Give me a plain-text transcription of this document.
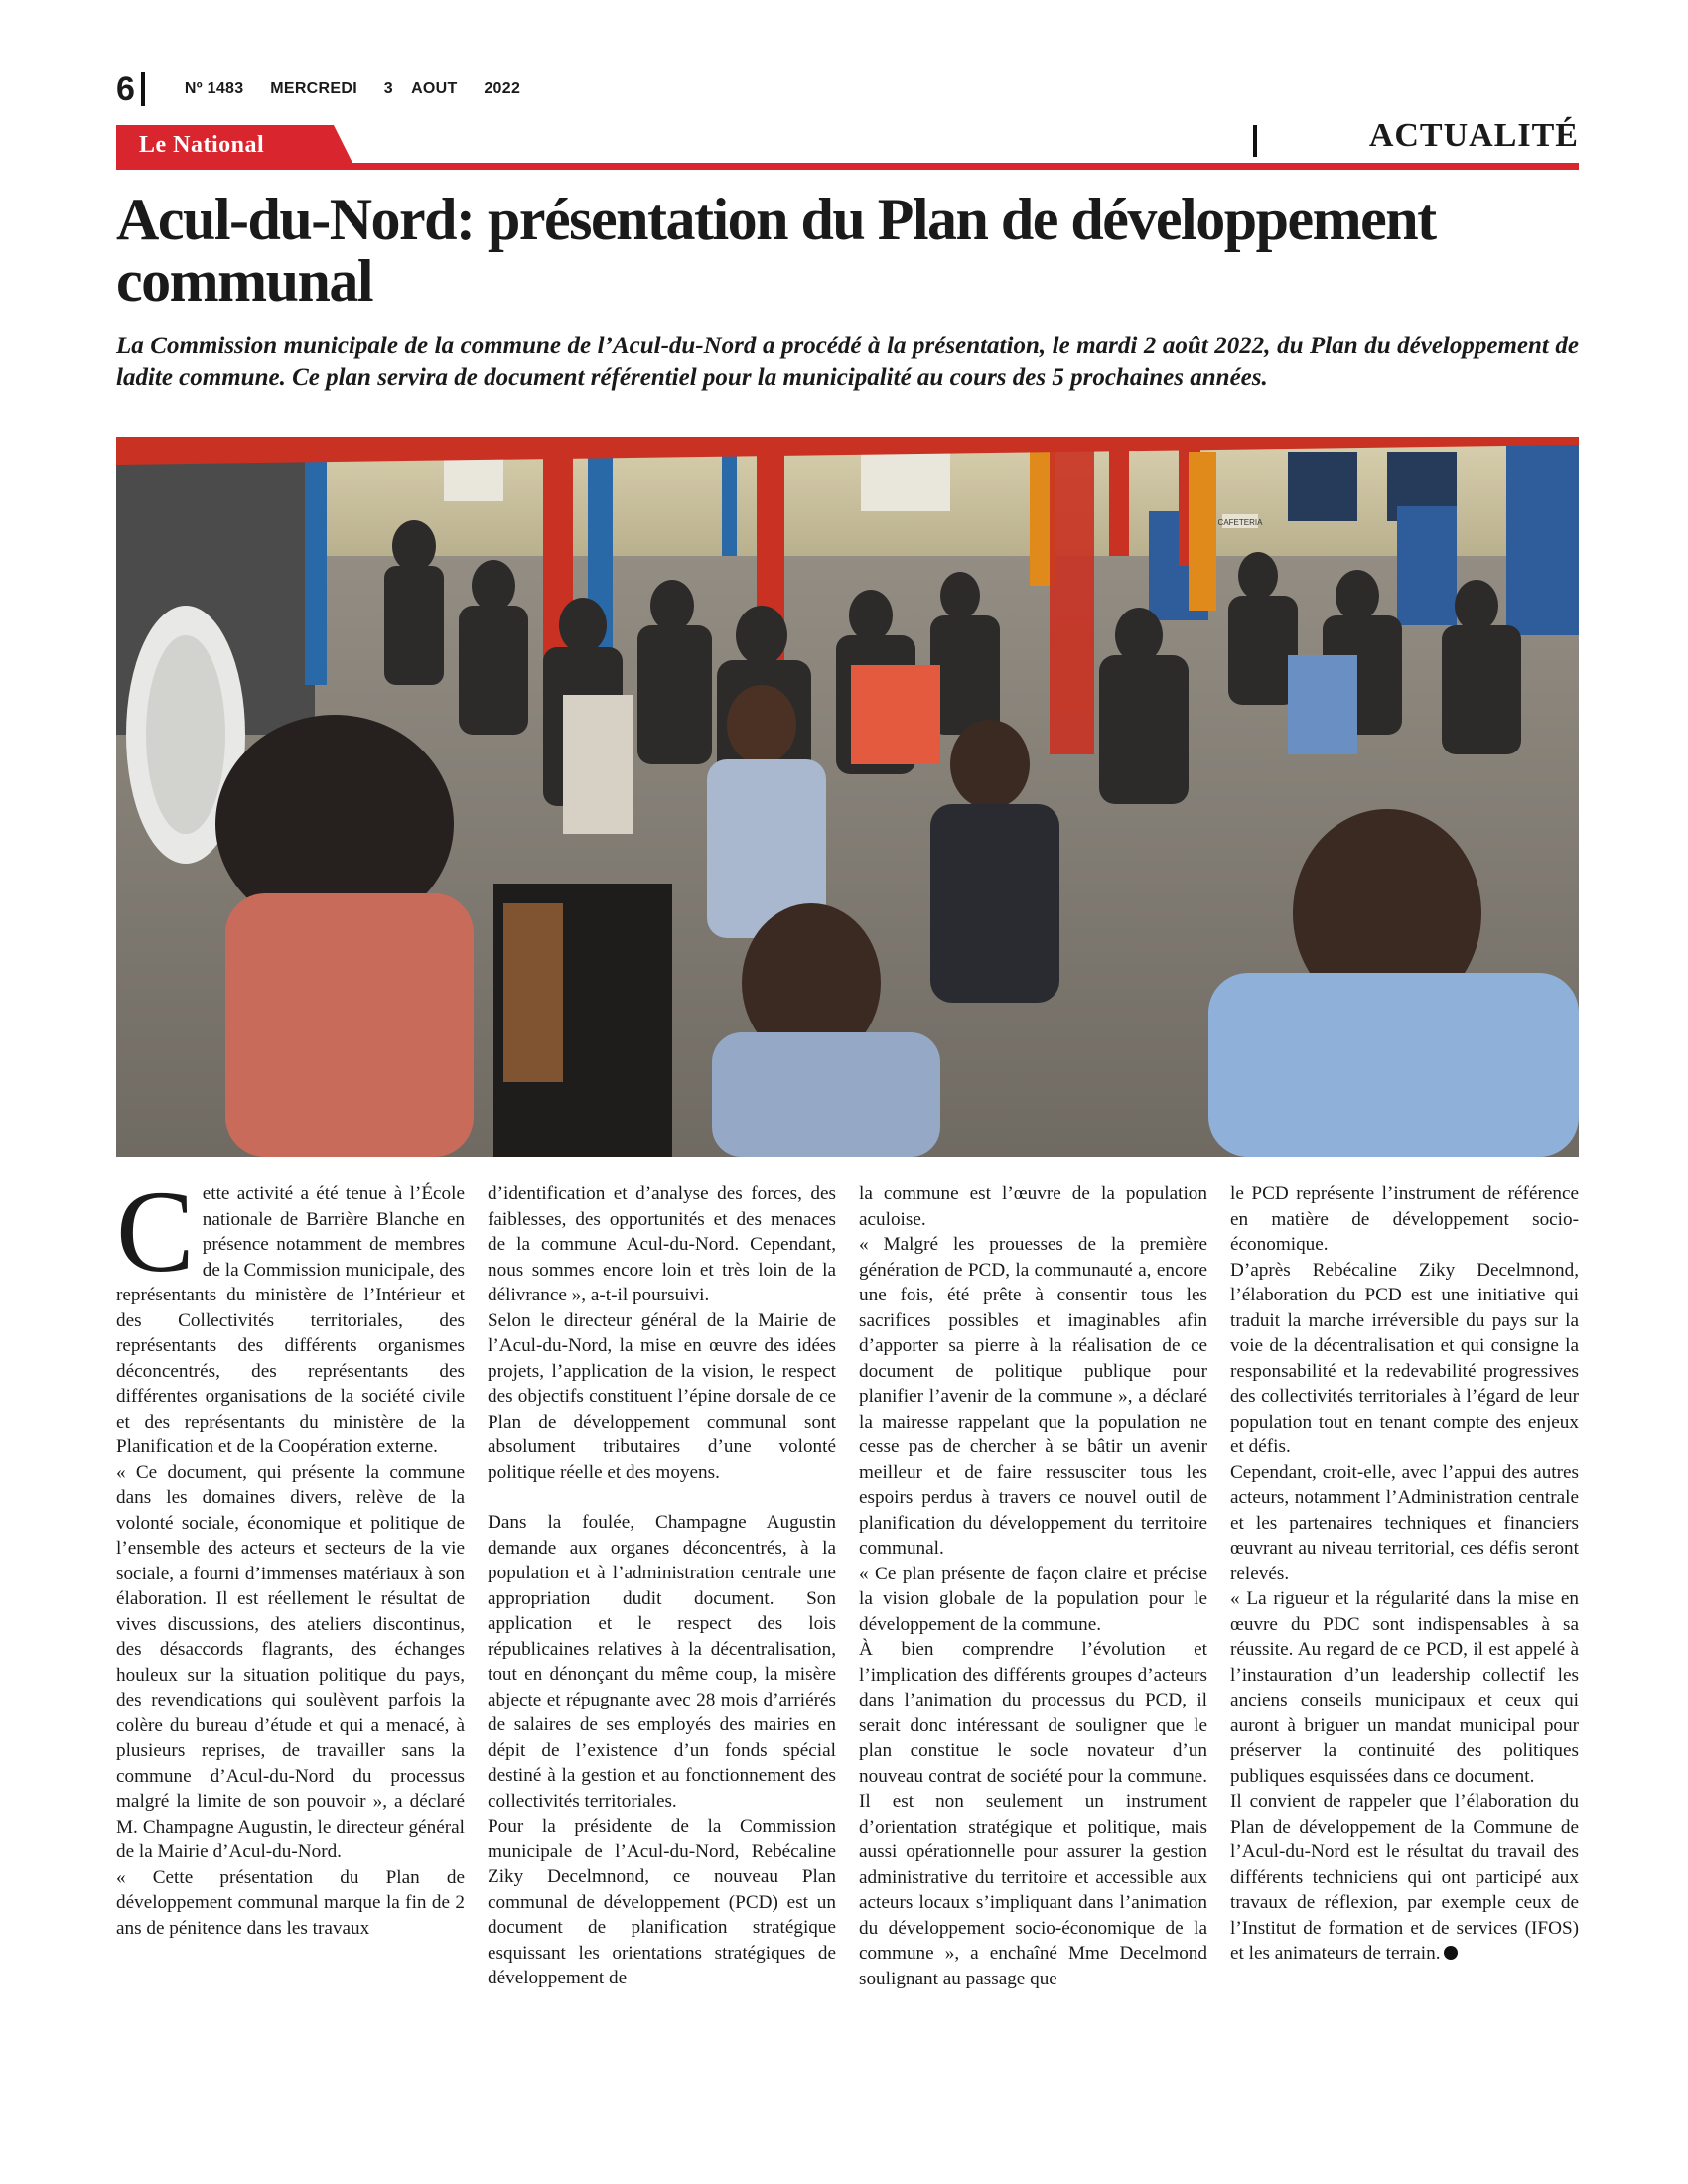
6	Nº 1483 MERCREDI 3 AOUT 2022
Le National	ACTUALITÉ
Acul-du-Nord: présentation du Plan de développement communal

La Commission municipale de la commune de l’Acul-du-Nord a procédé à la présentation, le mardi 2 août 2022, du Plan du développement de ladite commune. Ce plan servira de document référentiel pour la municipalité au cours des 5 prochaines années.

CAFETERIA

Cette activité a été tenue à l’École nationale de Barrière Blanche en présence notamment de membres de la Commission municipale, des représentants du ministère de l’Intérieur et des Collectivités territoriales, des représentants des différents organismes déconcentrés, des représentants des différentes organisations de la société civile et des représentants du ministère de la Planification et de la Coopération externe.

« Ce document, qui présente la commune dans les domaines divers, relève de la volonté sociale, économique et politique de l’ensemble des acteurs et secteurs de la vie sociale, a fourni d’immenses matériaux à son élaboration. Il est réellement le résultat de vives discussions, des ateliers discontinus, des désaccords flagrants, des échanges houleux sur la situation politique du pays, des revendications qui soulèvent parfois la colère du bureau d’étude et qui a menacé, à plusieurs reprises, de travailler sans la commune d’Acul-du-Nord du processus malgré la limite de son pouvoir », a déclaré M. Champagne Augustin, le directeur général de la Mairie d’Acul-du-Nord.

« Cette présentation du Plan de développement communal marque la fin de 2 ans de pénitence dans les travaux

d’identification et d’analyse des forces, des faiblesses, des opportunités et des menaces de la commune Acul-du-Nord. Cependant, nous sommes encore loin et très loin de la délivrance », a-t-il poursuivi.

Selon le directeur général de la Mairie de l’Acul-du-Nord, la mise en œuvre des idées projets, l’application de la vision, le respect des objectifs constituent l’épine dorsale de ce Plan de développement communal sont absolument tributaires d’une volonté politique réelle et des moyens.

Dans la foulée, Champagne Augustin demande aux organes déconcentrés, à la population et à l’administration centrale une appropriation dudit document. Son application et le respect des lois républicaines relatives à la décentralisation, tout en dénonçant du même coup, la misère abjecte et répugnante avec 28 mois d’arriérés de salaires de ses employés des mairies en dépit de l’existence d’un fonds spécial destiné à la gestion et au fonctionnement des collectivités territoriales.

Pour la présidente de la Commission municipale de l’Acul-du-Nord, Rebécaline Ziky Decelmnond, ce nouveau Plan communal de développement (PCD) est un document de planification stratégique esquissant les orientations stratégiques de développement de

la commune est l’œuvre de la population aculoise.

« Malgré les prouesses de la première génération de PCD, la communauté a, encore une fois, été prête à consentir tous les sacrifices possibles et imaginables afin d’apporter sa pierre à la réalisation de ce document de politique publique pour planifier l’avenir de la commune », a déclaré la mairesse rappelant que la population ne cesse pas de chercher à se bâtir un avenir meilleur et de faire ressusciter tous les espoirs perdus à travers ce nouvel outil de planification du développement du territoire communal.

« Ce plan présente de façon claire et précise la vision globale de la population pour le développement de la commune.

À bien comprendre l’évolution et l’implication des différents groupes d’acteurs dans l’animation du processus du PCD, il serait donc intéressant de souligner que le plan constitue le socle novateur d’un nouveau contrat de société pour la commune. Il est non seulement un instrument d’orientation stratégique et politique, mais aussi opérationnelle pour assurer la gestion administrative du territoire et accessible aux acteurs locaux s’impliquant dans l’animation du développement socio-économique de la commune », a enchaîné Mme Decelmond soulignant au passage que

le PCD représente l’instrument de référence en matière de développement socio-économique.

D’après Rebécaline Ziky Decelmnond, l’élaboration du PCD est une initiative qui traduit la marche irréversible du pays sur la voie de la décentralisation et qui consigne la responsabilité et la redevabilité progressives des collectivités territoriales à l’égard de leur population tout en tenant compte des enjeux et défis.

Cependant, croit-elle, avec l’appui des autres acteurs, notamment l’Administration centrale et les partenaires techniques et financiers œuvrant au niveau territorial, ces défis seront relevés.

« La rigueur et la régularité dans la mise en œuvre du PDC sont indispensables à sa réussite. Au regard de ce PCD, il est appelé à l’instauration d’un leadership collectif les anciens conseils municipaux et ceux qui auront à briguer un mandat municipal pour préserver la continuité des politiques publiques esquissées dans ce document.

Il convient de rappeler que l’élaboration du Plan de développement de la Commune de l’Acul-du-Nord est le résultat du travail des différents techniciens qui ont participé aux travaux de réflexion, par exemple ceux de l’Institut de formation et de services (IFOS) et les animateurs de terrain.
